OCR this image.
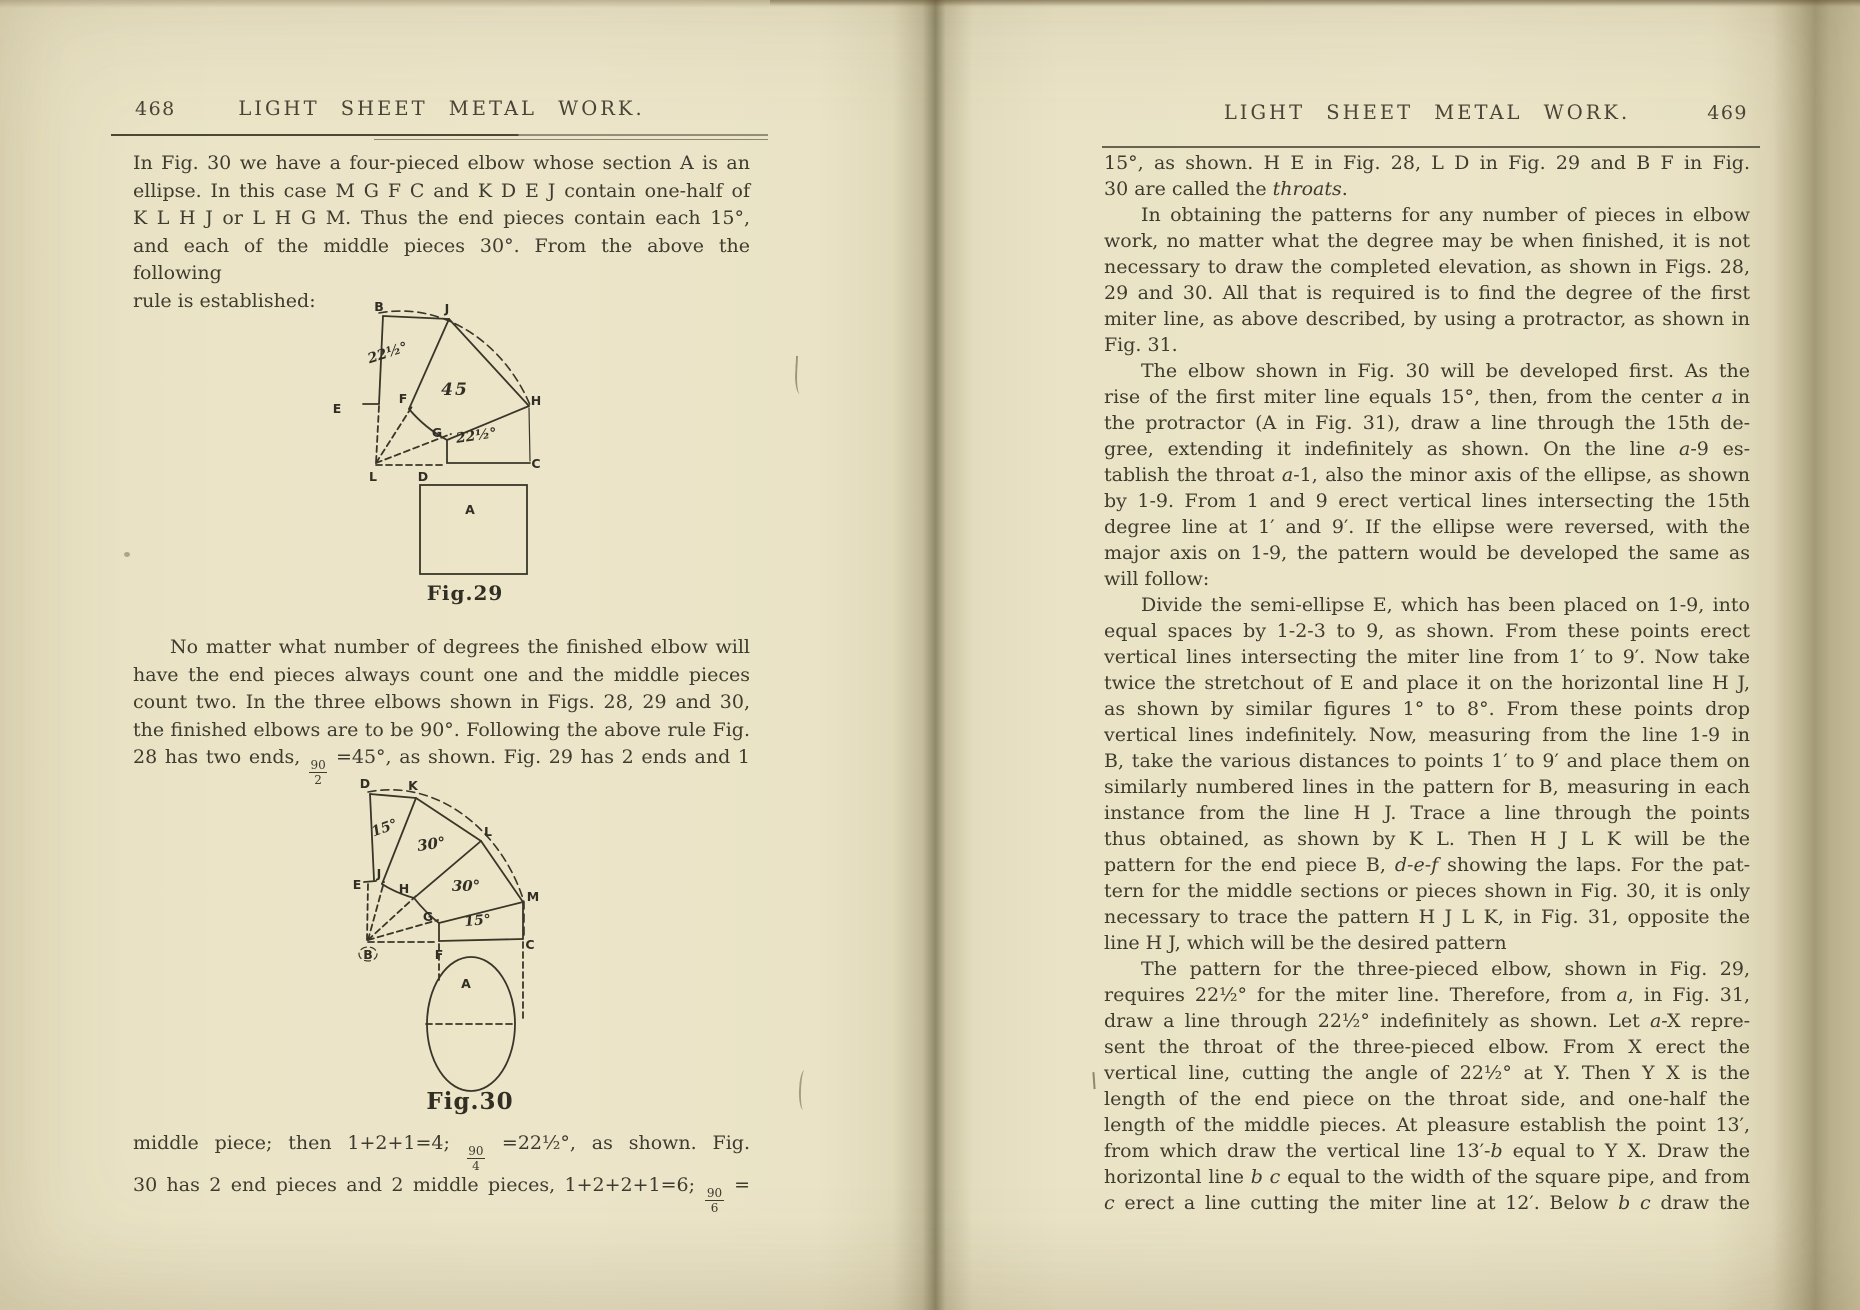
468	LIGHT SHEET METAL WORK.
In Fig. 30 we have a four-pieced elbow whose section A is an
ellipse. In this case M G F C and K D E J contain one-half of
K L H J or L H G M. Thus the end pieces contain each 15°,
and each of the middle pieces 30°. From the above the following
rule is established:	B	J
E
F	H
G
L	D
C
A
22½°
45
22½°
Fig.29
No matter what number of degrees the finished elbow will
have the end pieces always count one and the middle pieces
count two. In the three elbows shown in Figs. 28, 29 and 30,
the finished elbows are to be 90°. Following the above rule Fig.
28 has two ends,
$\frac{90}{2}$
=45°, as shown. Fig. 29 has 2 ends and 1
D	K
L
M
C
E
J
H
G
B	F
A
15°
30°
30°
15°
Fig.30
middle piece; then 1+2+1=4;
$\frac{90}{4}$
=22½°, as shown. Fig.
30 has 2 end pieces and 2 middle pieces, 1+2+2+1=6;
$\frac{90}{6}$
=
LIGHT SHEET METAL WORK.	469
15°, as shown. H E in Fig. 28, L D in Fig. 29 and B F in Fig.
30 are called the throats.
In obtaining the patterns for any number of pieces in elbow
work, no matter what the degree may be when finished, it is not
necessary to draw the completed elevation, as shown in Figs. 28,
29 and 30. All that is required is to find the degree of the first
miter line, as above described, by using a protractor, as shown in
Fig. 31.
The elbow shown in Fig. 30 will be developed first. As the
rise of the first miter line equals 15°, then, from the center a in
the protractor (A in Fig. 31), draw a line through the 15th de-
gree, extending it indefinitely as shown. On the line a-9 es-
tablish the throat a-1, also the minor axis of the ellipse, as shown
by 1-9. From 1 and 9 erect vertical lines intersecting the 15th
degree line at 1′ and 9′. If the ellipse were reversed, with the
major axis on 1-9, the pattern would be developed the same as
will follow:
Divide the semi-ellipse E, which has been placed on 1-9, into
equal spaces by 1-2-3 to 9, as shown. From these points erect
vertical lines intersecting the miter line from 1′ to 9′. Now take
twice the stretchout of E and place it on the horizontal line H J,
as shown by similar figures 1° to 8°. From these points drop
vertical lines indefinitely. Now, measuring from the line 1-9 in
B, take the various distances to points 1′ to 9′ and place them on
similarly numbered lines in the pattern for B, measuring in each
instance from the line H J. Trace a line through the points
thus obtained, as shown by K L. Then H J L K will be the
pattern for the end piece B, d-e-f showing the laps. For the pat-
tern for the middle sections or pieces shown in Fig. 30, it is only
necessary to trace the pattern H J L K, in Fig. 31, opposite the
line H J, which will be the desired pattern
The pattern for the three-pieced elbow, shown in Fig. 29,
requires 22½° for the miter line. Therefore, from a, in Fig. 31,
draw a line through 22½° indefinitely as shown. Let a-X repre-
sent the throat of the three-pieced elbow. From X erect the
vertical line, cutting the angle of 22½° at Y. Then Y X is the
length of the end piece on the throat side, and one-half the
length of the middle pieces. At pleasure establish the point 13′,
from which draw the vertical line 13′-b equal to Y X. Draw the
horizontal line b c equal to the width of the square pipe, and from
c erect a line cutting the miter line at 12′. Below b c draw the
